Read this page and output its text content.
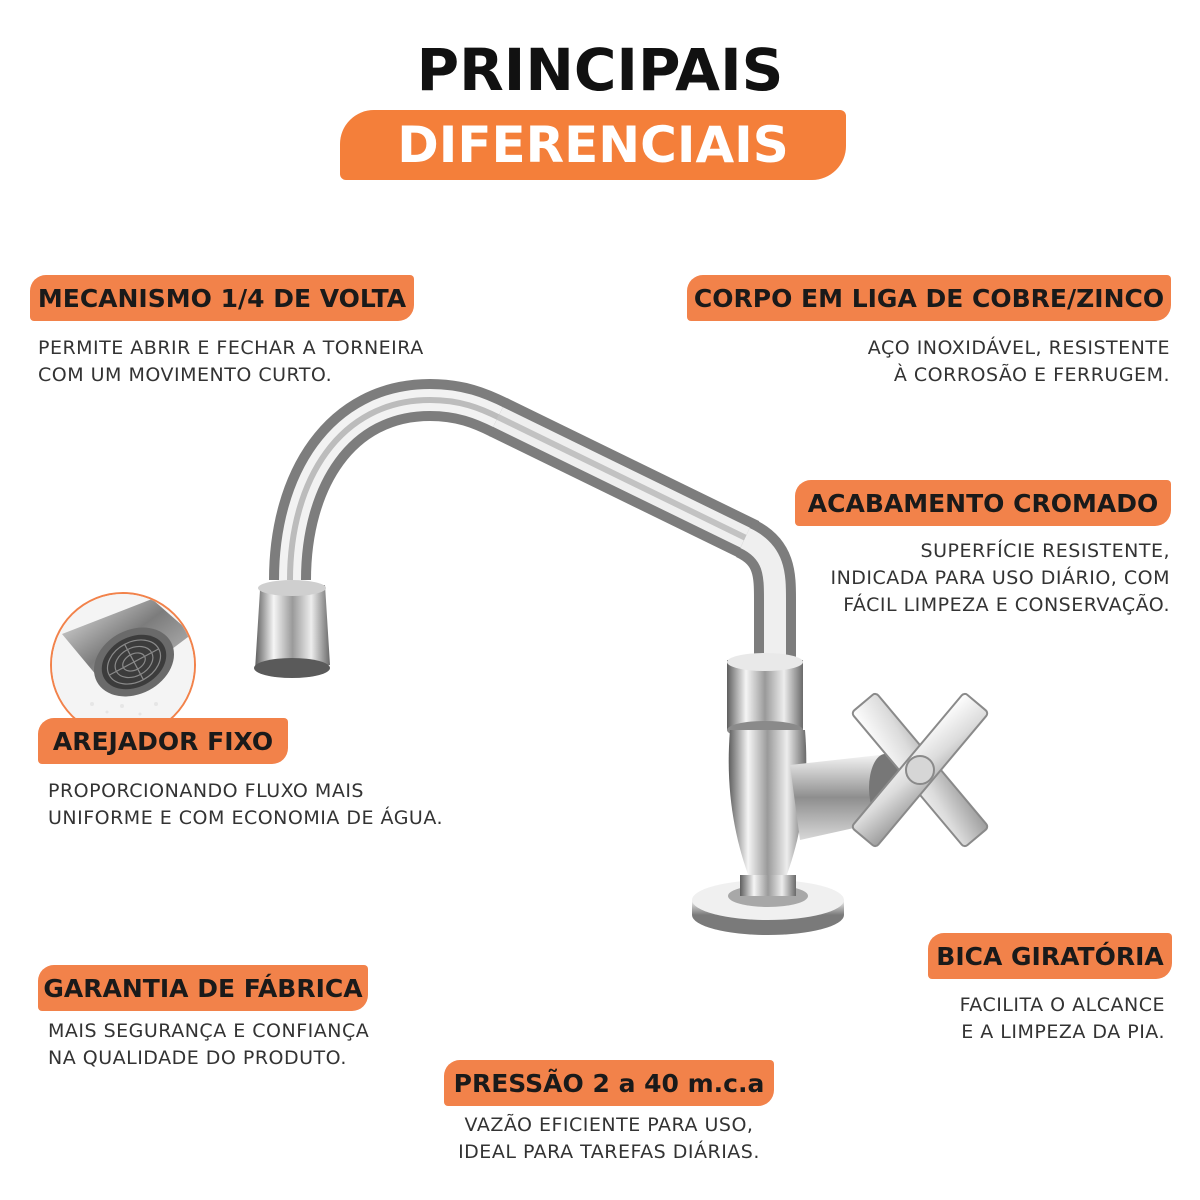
PRINCIPAIS
DIFERENCIAIS
MECANISMO 1/4 DE VOLTA
PERMITE ABRIR E FECHAR A TORNEIRA
COM UM MOVIMENTO CURTO.
CORPO EM LIGA DE COBRE/ZINCO
AÇO INOXIDÁVEL, RESISTENTE
À CORROSÃO E FERRUGEM.
ACABAMENTO CROMADO
SUPERFÍCIE RESISTENTE,
INDICADA PARA USO DIÁRIO, COM
FÁCIL LIMPEZA E CONSERVAÇÃO.
AREJADOR FIXO
PROPORCIONANDO FLUXO MAIS
UNIFORME E COM ECONOMIA DE ÁGUA.
BICA GIRATÓRIA
FACILITA O ALCANCE
E A LIMPEZA DA PIA.
GARANTIA DE FÁBRICA
MAIS SEGURANÇA E CONFIANÇA
NA QUALIDADE DO PRODUTO.
PRESSÃO 2 a 40 m.c.a
VAZÃO EFICIENTE PARA USO,
IDEAL PARA TAREFAS DIÁRIAS.
